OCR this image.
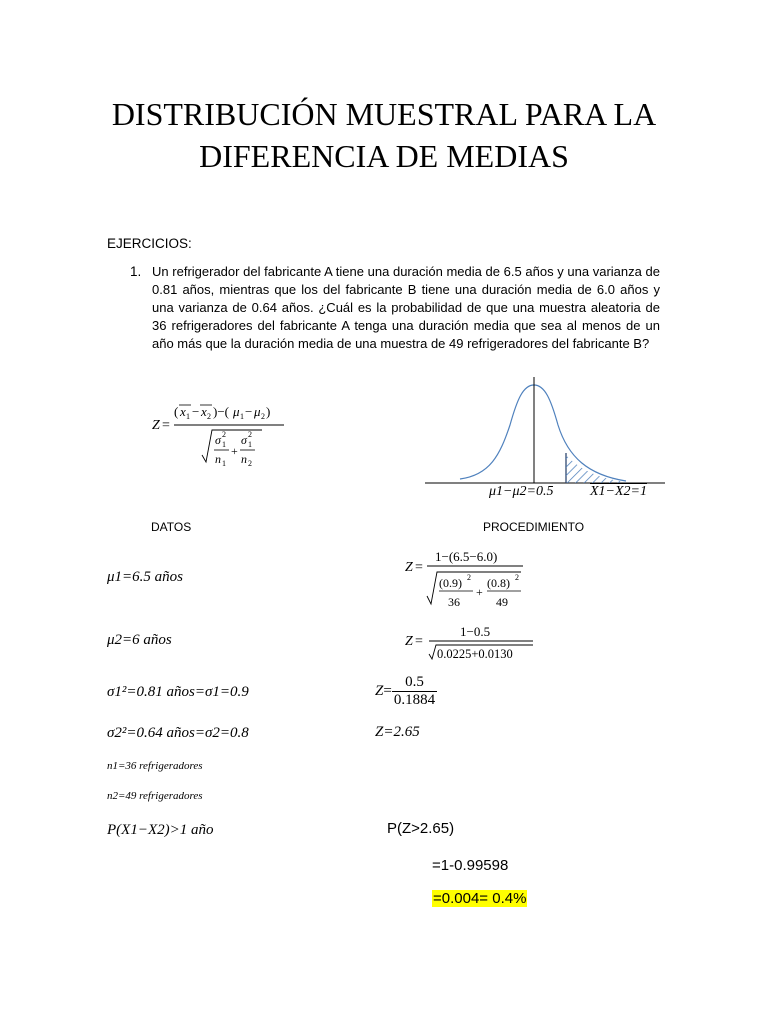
DISTRIBUCIÓN MUESTRAL PARA LA DIFERENCIA DE MEDIAS
EJERCICIOS:
1. Un refrigerador del fabricante A tiene una duración media de 6.5 años y una varianza de 0.81 años, mientras que los del fabricante B tiene una duración media de 6.0 años y una varianza de 0.64 años. ¿Cuál es la probabilidad de que una muestra aleatoria de 36 refrigeradores del fabricante A tenga una duración media que sea al menos de un año más que la duración media de una muestra de 49 refrigeradores del fabricante B?
Z =
( x 1 − x 2 )−( μ 1 − μ 2 )
σ 2
1
n 1
+
σ 2
1
n 2
μ1−μ2=0.5	X1−X2=1
DATOS	PROCEDIMIENTO
μ1=6.5 años
μ2=6 años
σ1²=0.81 años=σ1=0.9
σ2²=0.64 años=σ2=0.8
n1=36 refrigeradores
n2=49 refrigeradores
P(X1−X2)>1 año
Z =
1−(6.5−6.0)
(0.9) 2
36
+
(0.8) 2
49
Z =
1−0.5
0.0225+0.0130
$Z= \frac{0.5}{0.1884}$
Z=2.65
P(Z>2.65)
=1-0.99598
=0.004= 0.4%
